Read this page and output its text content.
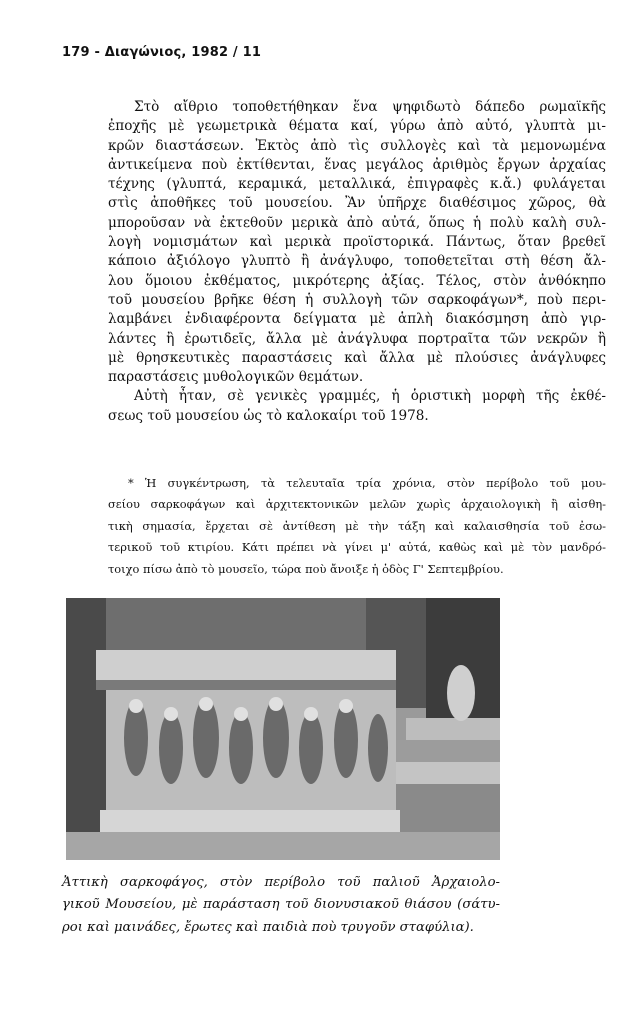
179 - Διαγώνιος, 1982 / 11
Στὸ αἴθριο τοποθετήθηκαν ἕνα ψηφιδωτὸ δάπεδο ρωμαϊκῆς
ἐποχῆς μὲ γεωμετρικὰ θέματα καί, γύρω ἀπὸ αὐτό, γλυπτὰ μι-
κρῶν διαστάσεων. Ἐκτὸς ἀπὸ τὶς συλλογὲς καὶ τὰ μεμονωμένα
ἀντικείμενα ποὺ ἐκτίθενται, ἕνας μεγάλος ἀριθμὸς ἔργων ἀρχαίας
τέχνης (γλυπτά, κεραμικά, μεταλλικά, ἐπιγραφὲς κ.ἄ.) φυλάγεται
στὶς ἀποθῆκες τοῦ μουσείου. Ἂν ὑπῆρχε διαθέσιμος χῶρος, θὰ
μποροῦσαν νὰ ἐκτεθοῦν μερικὰ ἀπὸ αὐτά, ὅπως ἡ πολὺ καλὴ συλ-
λογὴ νομισμάτων καὶ μερικὰ προϊστορικά. Πάντως, ὅταν βρεθεῖ
κάποιο ἀξιόλογο γλυπτὸ ἢ ἀνάγλυφο, τοποθετεῖται στὴ θέση ἄλ-
λου ὅμοιου ἐκθέματος, μικρότερης ἀξίας. Τέλος, στὸν ἀνθόκηπο
τοῦ μουσείου βρῆκε θέση ἡ συλλογὴ τῶν σαρκοφάγων*, ποὺ περι-
λαμβάνει ἐνδιαφέροντα δείγματα μὲ ἁπλὴ διακόσμηση ἀπὸ γιρ-
λάντες ἢ ἐρωτιδεῖς, ἄλλα μὲ ἀνάγλυφα πορτραῖτα τῶν νεκρῶν ἢ
μὲ θρησκευτικὲς παραστάσεις καὶ ἄλλα μὲ πλούσιες ἀνάγλυφες
παραστάσεις μυθολογικῶν θεμάτων.
Αὐτὴ ἦταν, σὲ γενικὲς γραμμές, ἡ ὁριστικὴ μορφὴ τῆς ἐκθέ-
σεως τοῦ μουσείου ὡς τὸ καλοκαίρι τοῦ 1978.
* Ἡ συγκέντρωση, τὰ τελευταῖα τρία χρόνια, στὸν περίβολο τοῦ μου-
σείου σαρκοφάγων καὶ ἀρχιτεκτονικῶν μελῶν χωρὶς ἀρχαιολογικὴ ἢ αἰσθη-
τικὴ σημασία, ἔρχεται σὲ ἀντίθεση μὲ τὴν τάξη καὶ καλαισθησία τοῦ ἐσω-
τερικοῦ τοῦ κτιρίου. Κάτι πρέπει νὰ γίνει μ' αὐτά, καθὼς καὶ μὲ τὸν μανδρό-
τοιχο πίσω ἀπὸ τὸ μουσεῖο, τώρα ποὺ ἄνοιξε ἡ ὁδὸς Γ' Σεπτεμβρίου.
Ἀττικὴ σαρκοφάγος, στὸν περίβολο τοῦ παλιοῦ Ἀρχαιολο-
γικοῦ Μουσείου, μὲ παράσταση τοῦ διονυσιακοῦ θιάσου (σάτυ-
ροι καὶ μαινάδες, ἔρωτες καὶ παιδιὰ ποὺ τρυγοῦν σταφύλια).
